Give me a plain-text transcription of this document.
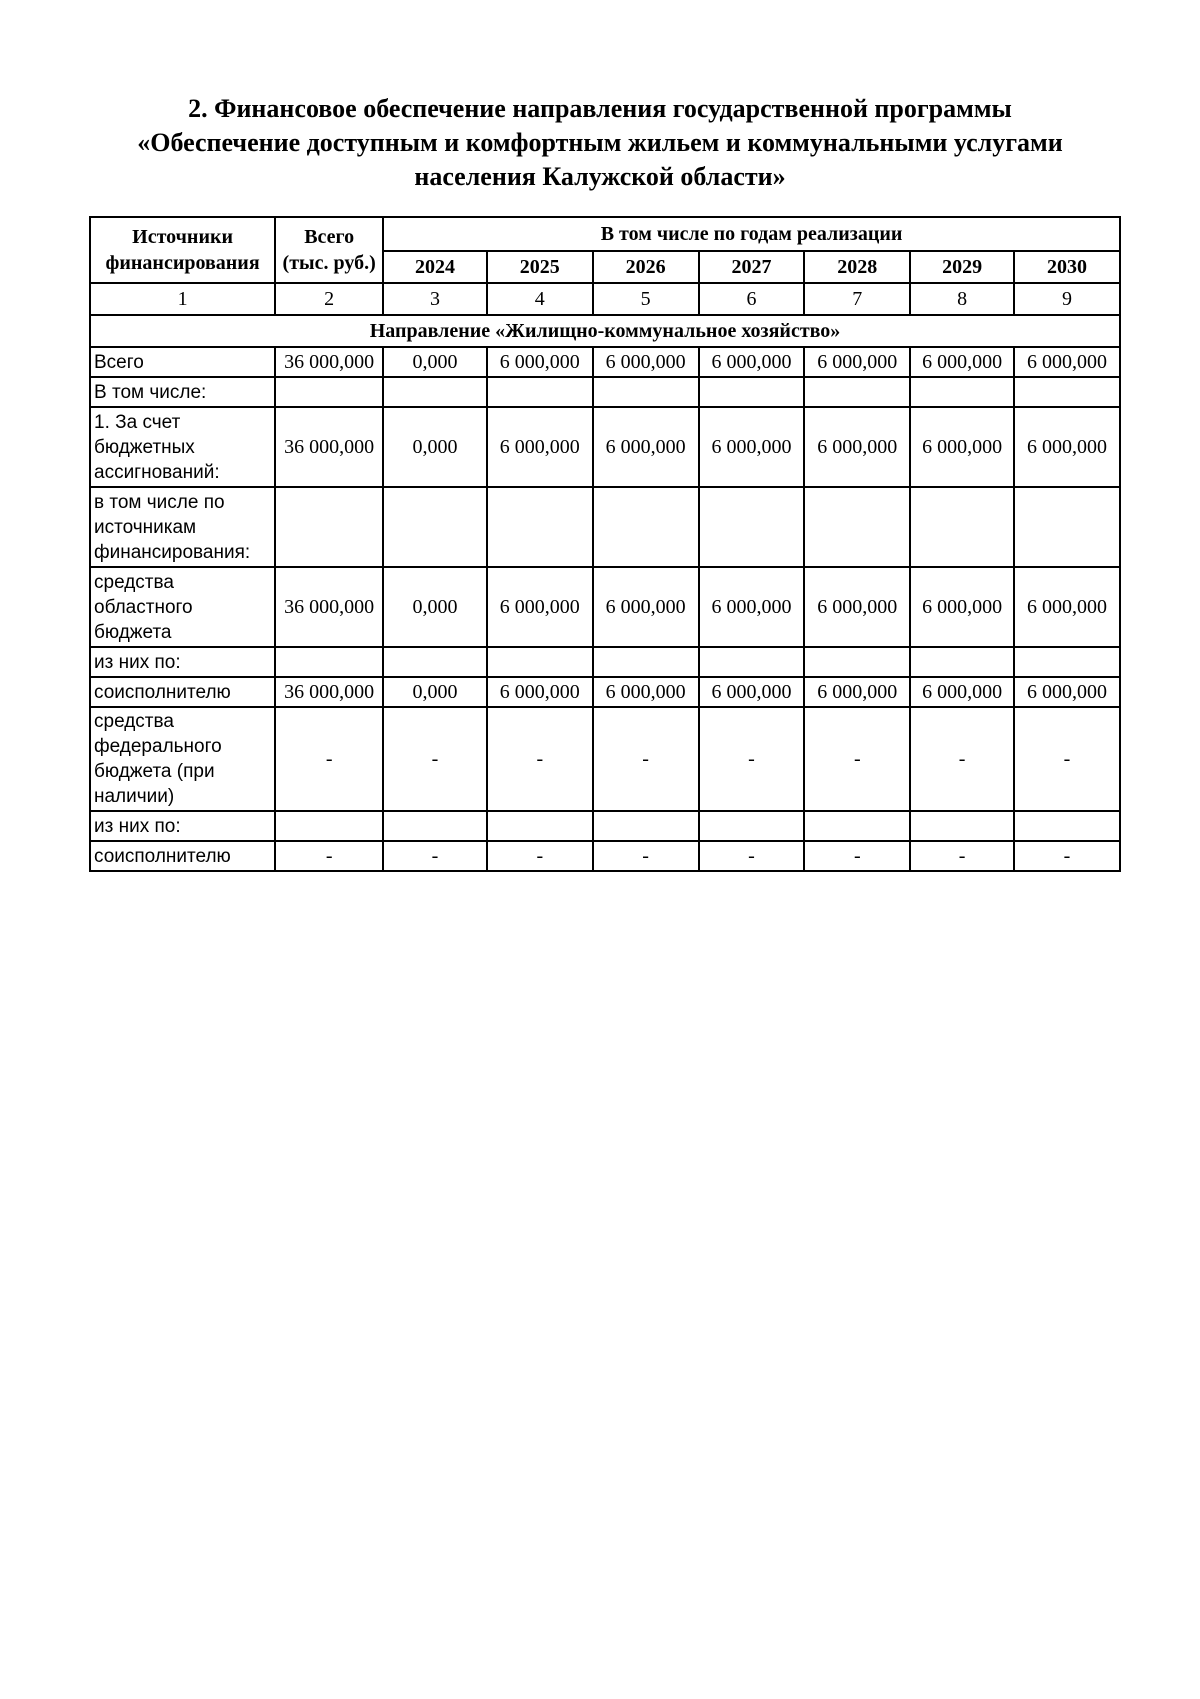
2. Финансовое обеспечение направления государственной программы
«Обеспечение доступным и комфортным жильем и коммунальными услугами
населения Калужской области»
Источники финансирования	Всего (тыс. руб.)	В том числе по годам реализации						
		2024	2025	2026	2027	2028	2029	2030
1	2	3	4	5	6	7	8	9
Направление «Жилищно-коммунальное хозяйство»								
Всего	36 000,000	0,000	6 000,000	6 000,000	6 000,000	6 000,000	6 000,000	6 000,000
В том числе:								
1. За счет бюджетных ассигнований:	36 000,000	0,000	6 000,000	6 000,000	6 000,000	6 000,000	6 000,000	6 000,000
в том числе по источникам финансирования:								
средства областного бюджета	36 000,000	0,000	6 000,000	6 000,000	6 000,000	6 000,000	6 000,000	6 000,000
из них по:								
соисполнителю	36 000,000	0,000	6 000,000	6 000,000	6 000,000	6 000,000	6 000,000	6 000,000
средства федерального бюджета (при наличии)	-	-	-	-	-	-	-	-
из них по:								
соисполнителю	-	-	-	-	-	-	-	-
